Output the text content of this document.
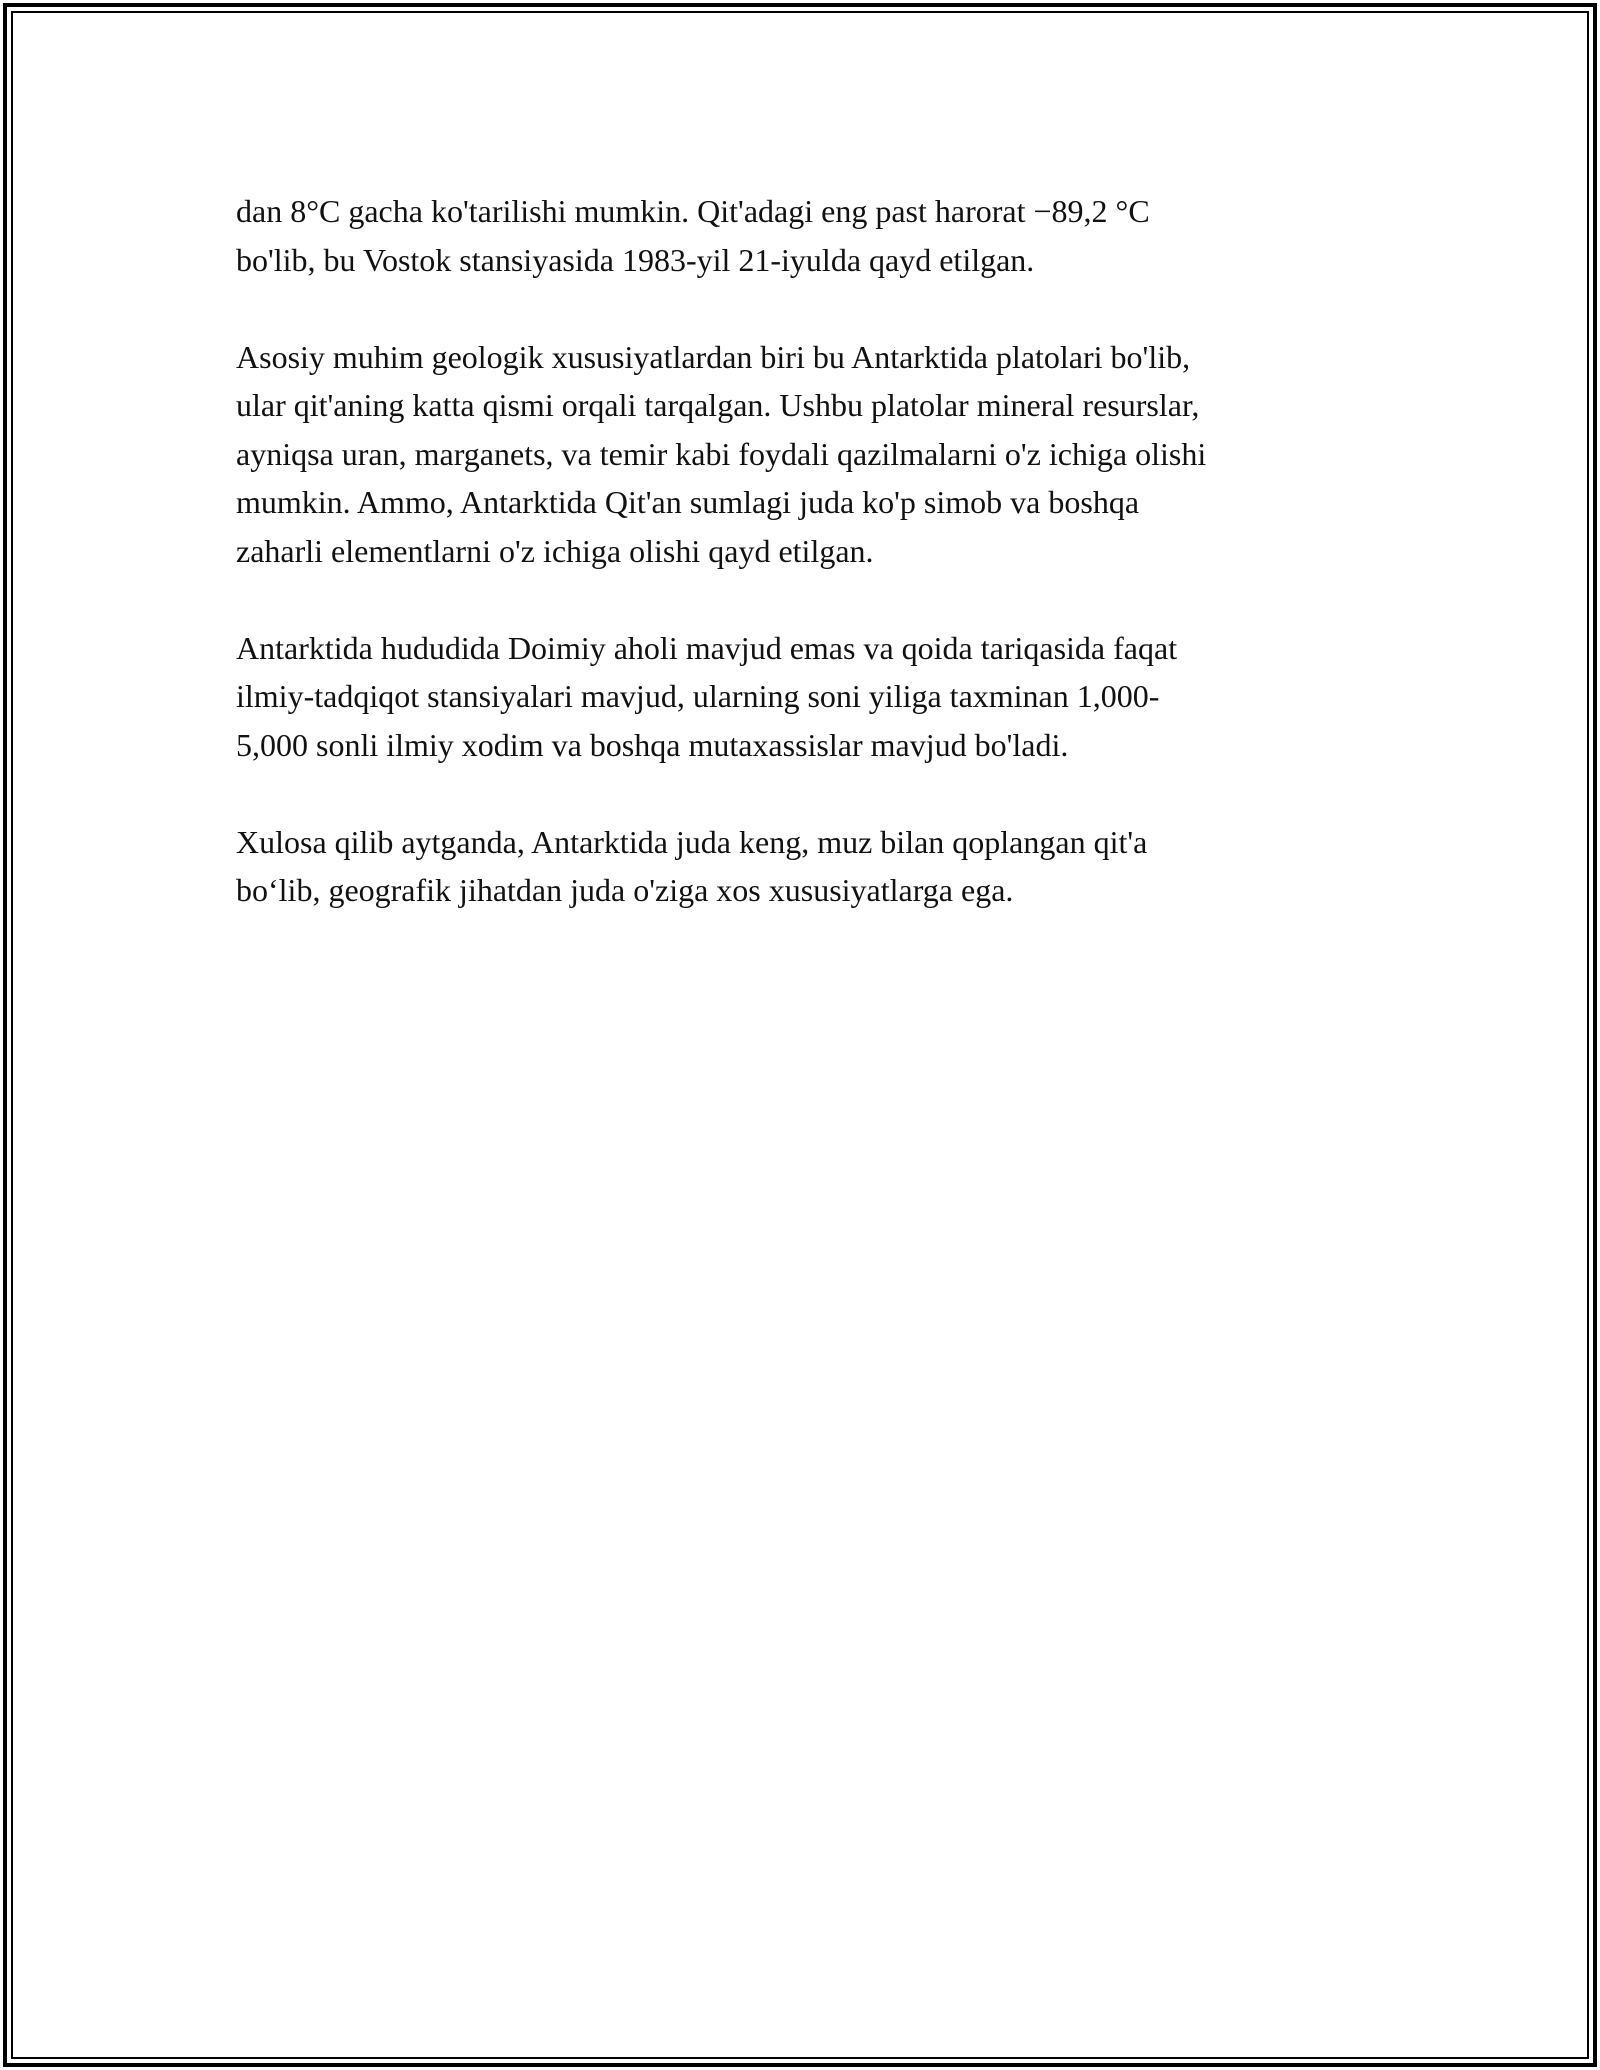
dan 8°C gacha ko'tarilishi mumkin. Qit'adagi eng past harorat −89,2 °C
bo'lib, bu Vostok stansiyasida 1983-yil 21-iyulda qayd etilgan.

Asosiy muhim geologik xususiyatlardan biri bu Antarktida platolari bo'lib,
ular qit'aning katta qismi orqali tarqalgan. Ushbu platolar mineral resurslar,
ayniqsa uran, marganets, va temir kabi foydali qazilmalarni o'z ichiga olishi
mumkin. Ammo, Antarktida Qit'an sumlagi juda ko'p simob va boshqa
zaharli elementlarni o'z ichiga olishi qayd etilgan.

Antarktida hududida Doimiy aholi mavjud emas va qoida tariqasida faqat
ilmiy-tadqiqot stansiyalari mavjud, ularning soni yiliga taxminan 1,000-
5,000 sonli ilmiy xodim va boshqa mutaxassislar mavjud bo'ladi.

Xulosa qilib aytganda, Antarktida juda keng, muz bilan qoplangan qit'a
bo‘lib, geografik jihatdan juda o'ziga xos xususiyatlarga ega.
